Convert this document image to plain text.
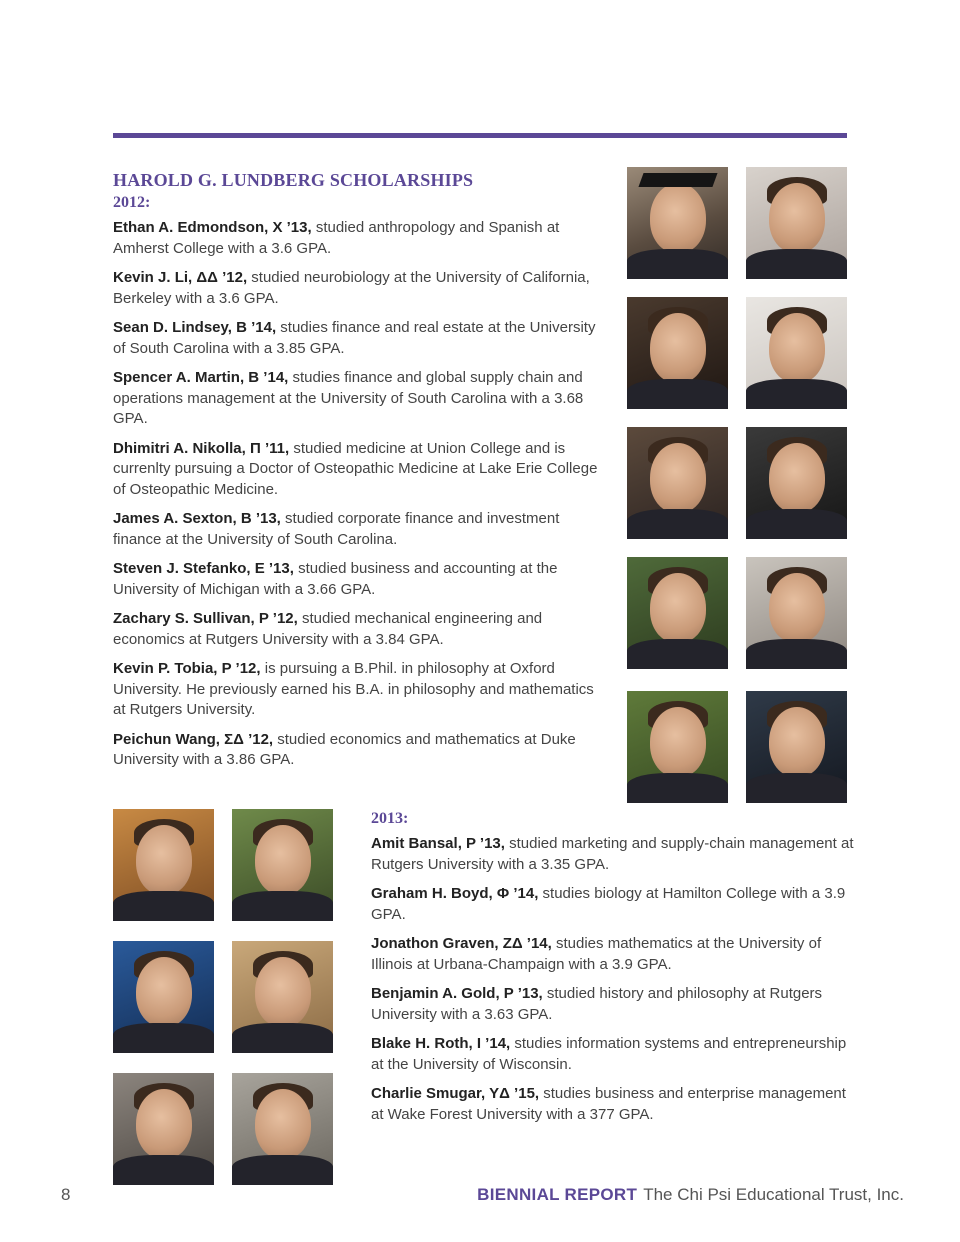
HAROLD G. LUNDBERG SCHOLARSHIPS

2012:

Ethan A. Edmondson, X ’13, studied anthropology and Spanish at Amherst College with a 3.6 GPA.

Kevin J. Li, ΔΔ ’12, studied neurobiology at the University of California, Berkeley with a 3.6 GPA.

Sean D. Lindsey, B ’14, studies finance and real estate at the University of South Carolina with a 3.85 GPA.

Spencer A. Martin, B ’14, studies finance and global supply chain and operations management at the University of South Carolina with a 3.68 GPA.

Dhimitri A. Nikolla, Π ’11, studied medicine at Union College and is currenlty pursuing a Doctor of Osteopathic Medicine at Lake Erie College of Osteopathic Medicine.

James A. Sexton, B ’13, studied corporate finance and investment finance at the University of South Carolina.

Steven J. Stefanko, E ’13, studied business and accounting at the University of Michigan with a 3.66 GPA.

Zachary S. Sullivan, P ’12, studied mechanical engineering and economics at Rutgers University with a 3.84 GPA.

Kevin P. Tobia, P ’12, is pursuing a B.Phil. in philosophy at Oxford University. He previously earned his B.A. in philosophy and mathematics at Rutgers University.

Peichun Wang, ΣΔ ’12, studied economics and mathematics at Duke University with a 3.86 GPA.

2013:

Amit Bansal, P ’13, studied marketing and supply-chain management at Rutgers University with a 3.35 GPA.

Graham H. Boyd, Φ ’14, studies biology at Hamilton College with a 3.9 GPA.

Jonathon Graven, ZΔ ’14, studies mathematics at the University of Illinois at Urbana-Champaign with a 3.9 GPA.

Benjamin A. Gold, P ’13, studied history and philosophy at Rutgers University with a 3.63 GPA.

Blake H. Roth, I ’14, studies information systems and entrepreneurship at the University of Wisconsin.

Charlie Smugar, YΔ ’15, studies business and enterprise management at Wake Forest University with a 377 GPA.

8	BIENNIAL REPORT The Chi Psi Educational Trust, Inc.
